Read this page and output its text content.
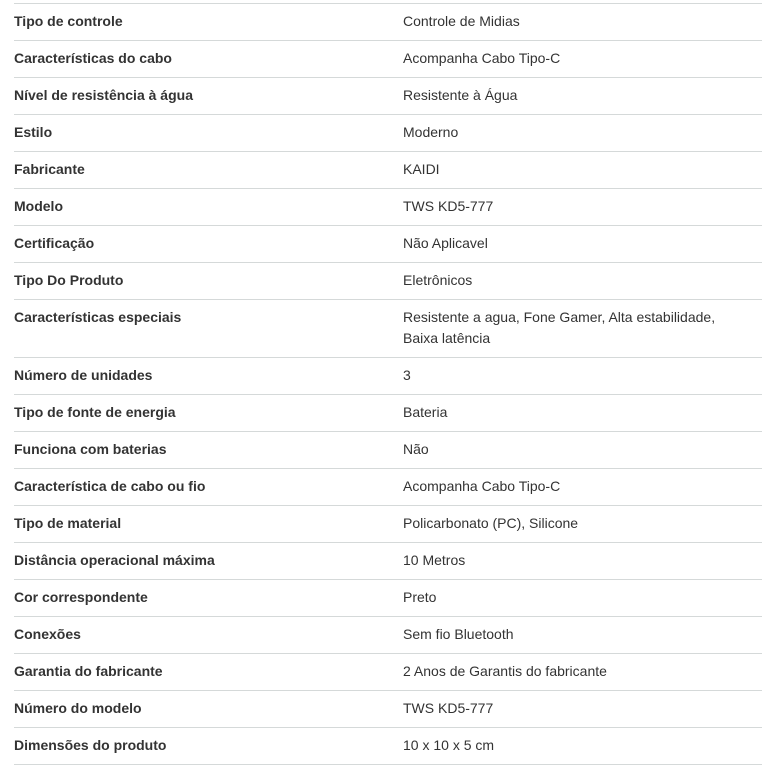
Tipo de controle	Controle de Midias
Características do cabo	Acompanha Cabo Tipo-C
Nível de resistência à água	Resistente à Água
Estilo	Moderno
Fabricante	KAIDI
Modelo	TWS KD5-777
Certificação	Não Aplicavel
Tipo Do Produto	Eletrônicos
Características especiais	Resistente a agua, Fone Gamer, Alta estabilidade, Baixa latência
Número de unidades	3
Tipo de fonte de energia	Bateria
Funciona com baterias	Não
Característica de cabo ou fio	Acompanha Cabo Tipo-C
Tipo de material	Policarbonato (PC), Silicone
Distância operacional máxima	10 Metros
Cor correspondente	Preto
Conexões	Sem fio Bluetooth
Garantia do fabricante	2 Anos de Garantis do fabricante
Número do modelo	TWS KD5-777
Dimensões do produto	10 x 10 x 5 cm
